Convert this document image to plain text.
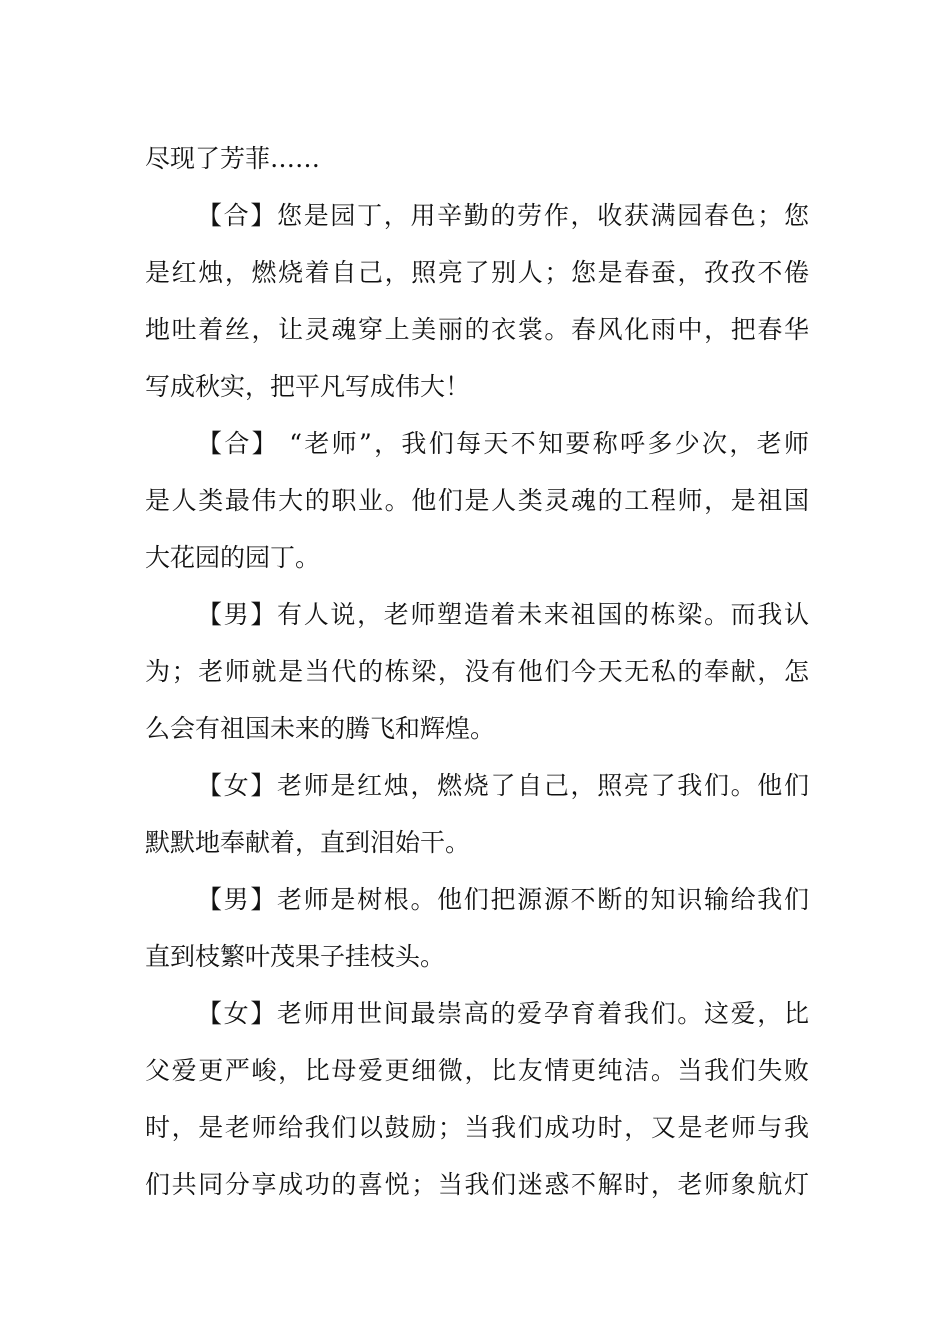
尽现了芳菲……
【合】您是园丁，用辛勤的劳作，收获满园春色；您
是红烛，燃烧着自己，照亮了别人；您是春蚕，孜孜不倦
地吐着丝，让灵魂穿上美丽的衣裳。春风化雨中，把春华
写成秋实，把平凡写成伟大！
【合】 “老师”，我们每天不知要称呼多少次，老师
是人类最伟大的职业。他们是人类灵魂的工程师，是祖国
大花园的园丁。
【男】有人说，老师塑造着未来祖国的栋梁。而我认
为；老师就是当代的栋梁，没有他们今天无私的奉献，怎
么会有祖国未来的腾飞和辉煌。
【女】老师是红烛，燃烧了自己，照亮了我们。他们
默默地奉献着，直到泪始干。
【男】老师是树根。他们把源源不断的知识输给我们
直到枝繁叶茂果子挂枝头。
【女】老师用世间最崇高的爱孕育着我们。这爱，比
父爱更严峻，比母爱更细微，比友情更纯洁。当我们失败
时，是老师给我们以鼓励；当我们成功时，又是老师与我
们共同分享成功的喜悦；当我们迷惑不解时，老师象航灯
